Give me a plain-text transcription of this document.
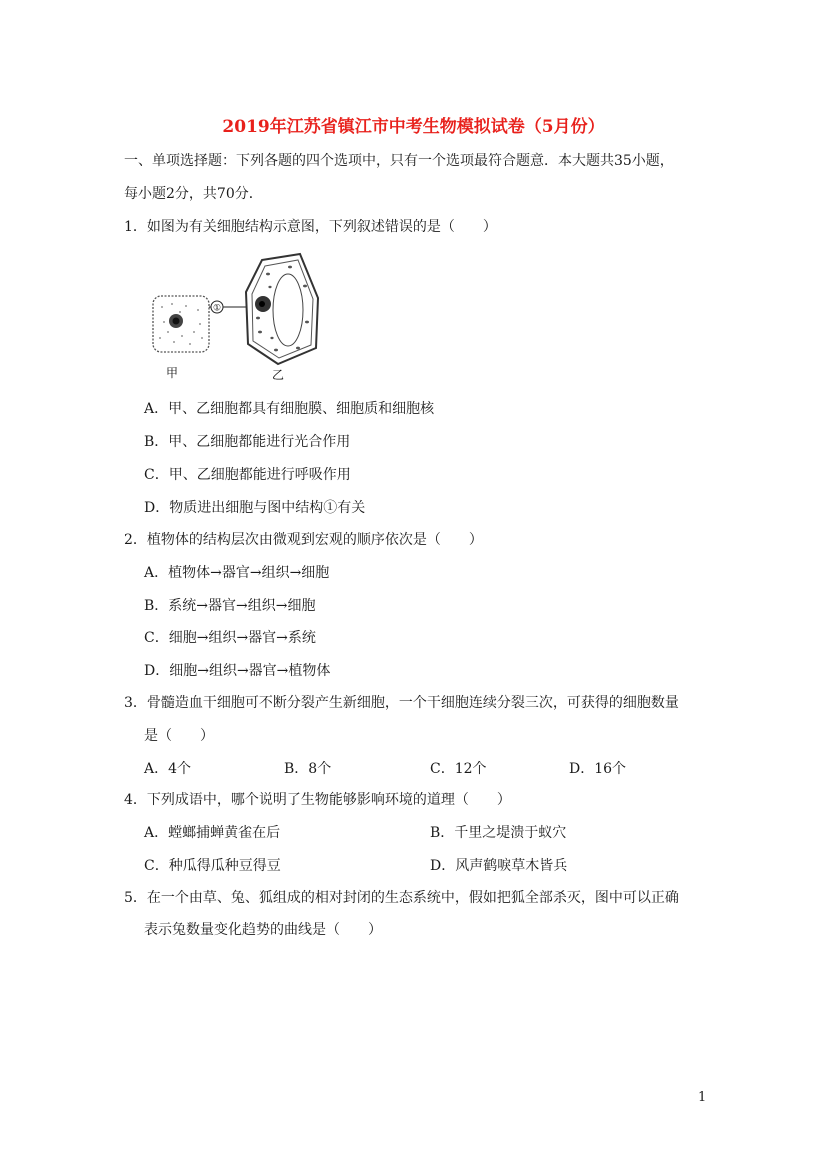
2019年江苏省镇江市中考生物模拟试卷（5月份）
一、单项选择题：下列各题的四个选项中，只有一个选项最符合题意．本大题共35小题，
每小题2分，共70分．
1．如图为有关细胞结构示意图，下列叙述错误的是（　　）
①
甲	乙
A．甲、乙细胞都具有细胞膜、细胞质和细胞核
B．甲、乙细胞都能进行光合作用
C．甲、乙细胞都能进行呼吸作用
D．物质进出细胞与图中结构①有关
2．植物体的结构层次由微观到宏观的顺序依次是（　　）
A．植物体→器官→组织→细胞
B．系统→器官→组织→细胞
C．细胞→组织→器官→系统
D．细胞→组织→器官→植物体
3．骨髓造血干细胞可不断分裂产生新细胞，一个干细胞连续分裂三次，可获得的细胞数量
是（　　）
A．4个	B．8个	C．12个	D．16个
4．下列成语中，哪个说明了生物能够影响环境的道理（　　）
A．螳螂捕蝉黄雀在后	B．千里之堤溃于蚁穴
C．种瓜得瓜种豆得豆	D．风声鹤唳草木皆兵
5．在一个由草、兔、狐组成的相对封闭的生态系统中，假如把狐全部杀灭，图中可以正确
表示兔数量变化趋势的曲线是（　　）
1
